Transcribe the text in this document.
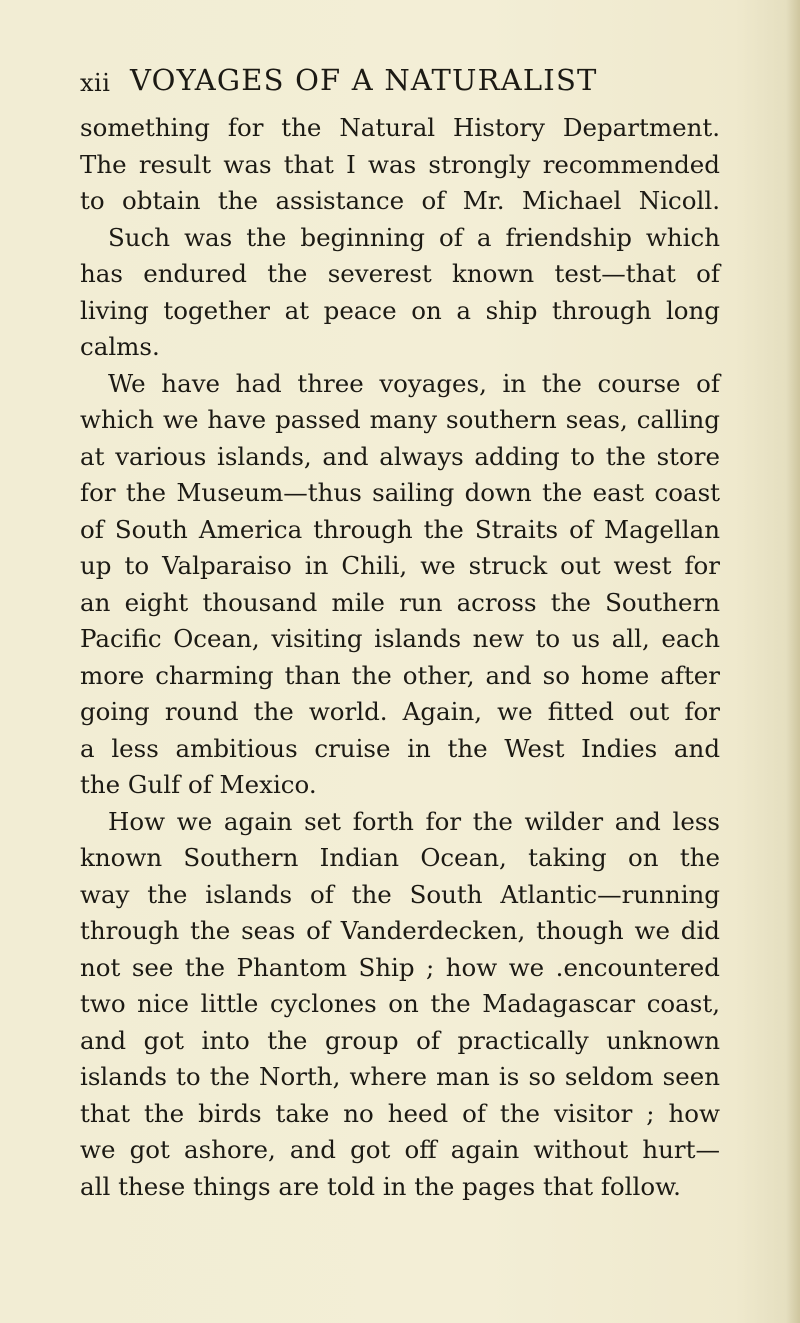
xii VOYAGES OF A NATURALIST
something for the Natural History Department.
The result was that I was strongly recommended
to obtain the assistance of Mr. Michael Nicoll.
Such was the beginning of a friendship which
has endured the severest known test—that of
living together at peace on a ship through long
calms.
We have had three voyages, in the course of
which we have passed many southern seas, calling
at various islands, and always adding to the store
for the Museum—thus sailing down the east coast
of South America through the Straits of Magellan
up to Valparaiso in Chili, we struck out west for
an eight thousand mile run across the Southern
Pacific Ocean, visiting islands new to us all, each
more charming than the other, and so home after
going round the world. Again, we fitted out for
a less ambitious cruise in the West Indies and
the Gulf of Mexico.
How we again set forth for the wilder and less
known Southern Indian Ocean, taking on the
way the islands of the South Atlantic—running
through the seas of Vanderdecken, though we did
not see the Phantom Ship ; how we .encountered
two nice little cyclones on the Madagascar coast,
and got into the group of practically unknown
islands to the North, where man is so seldom seen
that the birds take no heed of the visitor ; how
we got ashore, and got off again without hurt—
all these things are told in the pages that follow.
